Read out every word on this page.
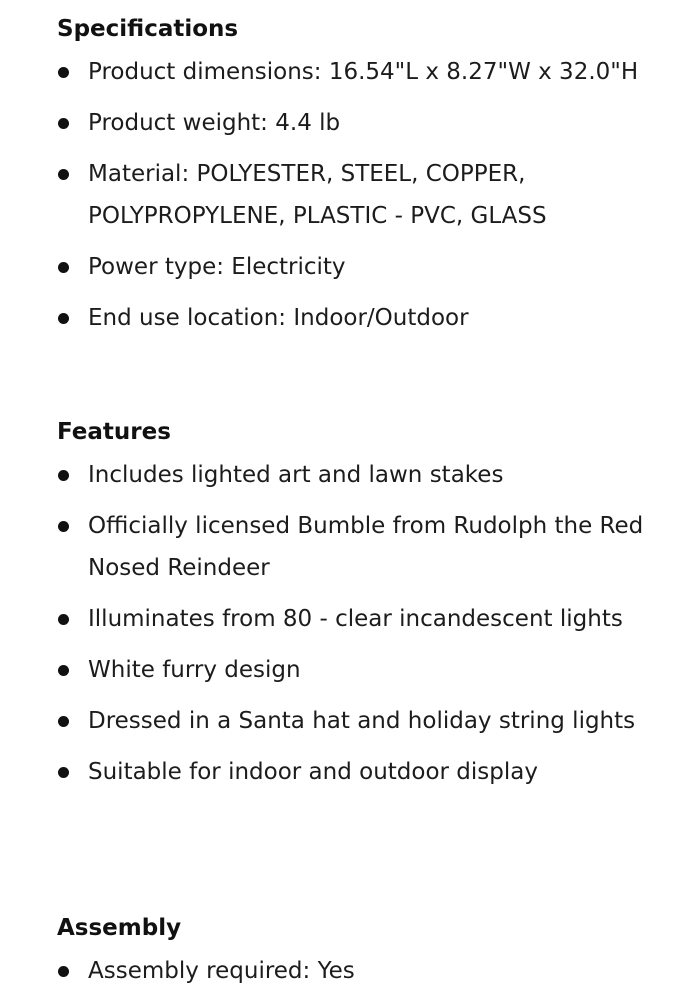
Specifications
Product dimensions: 16.54"L x 8.27"W x 32.0"H
Product weight: 4.4 lb
Material: POLYESTER, STEEL, COPPER, POLYPROPYLENE, PLASTIC - PVC, GLASS
Power type: Electricity
End use location: Indoor/Outdoor
Features
Includes lighted art and lawn stakes
Officially licensed Bumble from Rudolph the Red Nosed Reindeer
Illuminates from 80 - clear incandescent lights
White furry design
Dressed in a Santa hat and holiday string lights
Suitable for indoor and outdoor display
Assembly
Assembly required: Yes
